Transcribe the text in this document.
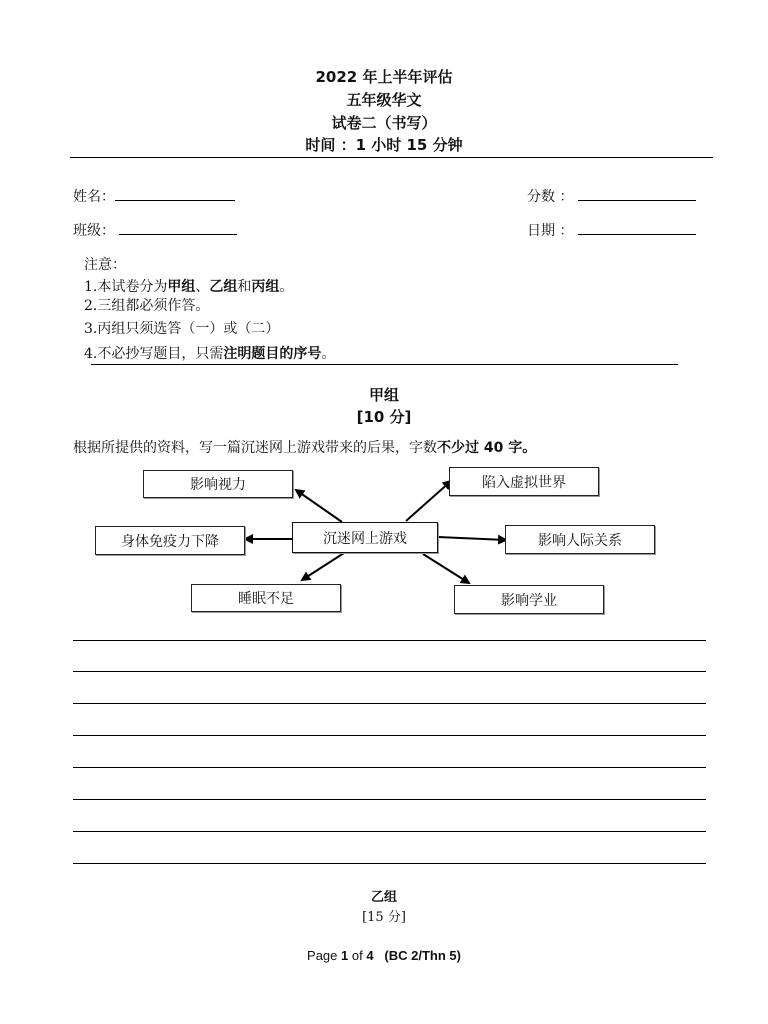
2022 年上半年评估
五年级华文
试卷二（书写）
时间 ：1 小时 15 分钟
姓名：	分数 ：
班级：	日期 ：
注意：
1.本试卷分为甲组、乙组和丙组。
2.三组都必须作答。
3.丙组只须选答（一）或（二）
4.不必抄写题目，只需注明题目的序号。
甲组
[10 分]
根据所提供的资料，写一篇沉迷网上游戏带来的后果，字数不少过 40 字。
沉迷网上游戏
影响视力	陷入虚拟世界
身体免疫力下降	影响人际关系
睡眠不足	影响学业
乙组
[15 分]
Page 1 of 4 (BC 2/Thn 5)
